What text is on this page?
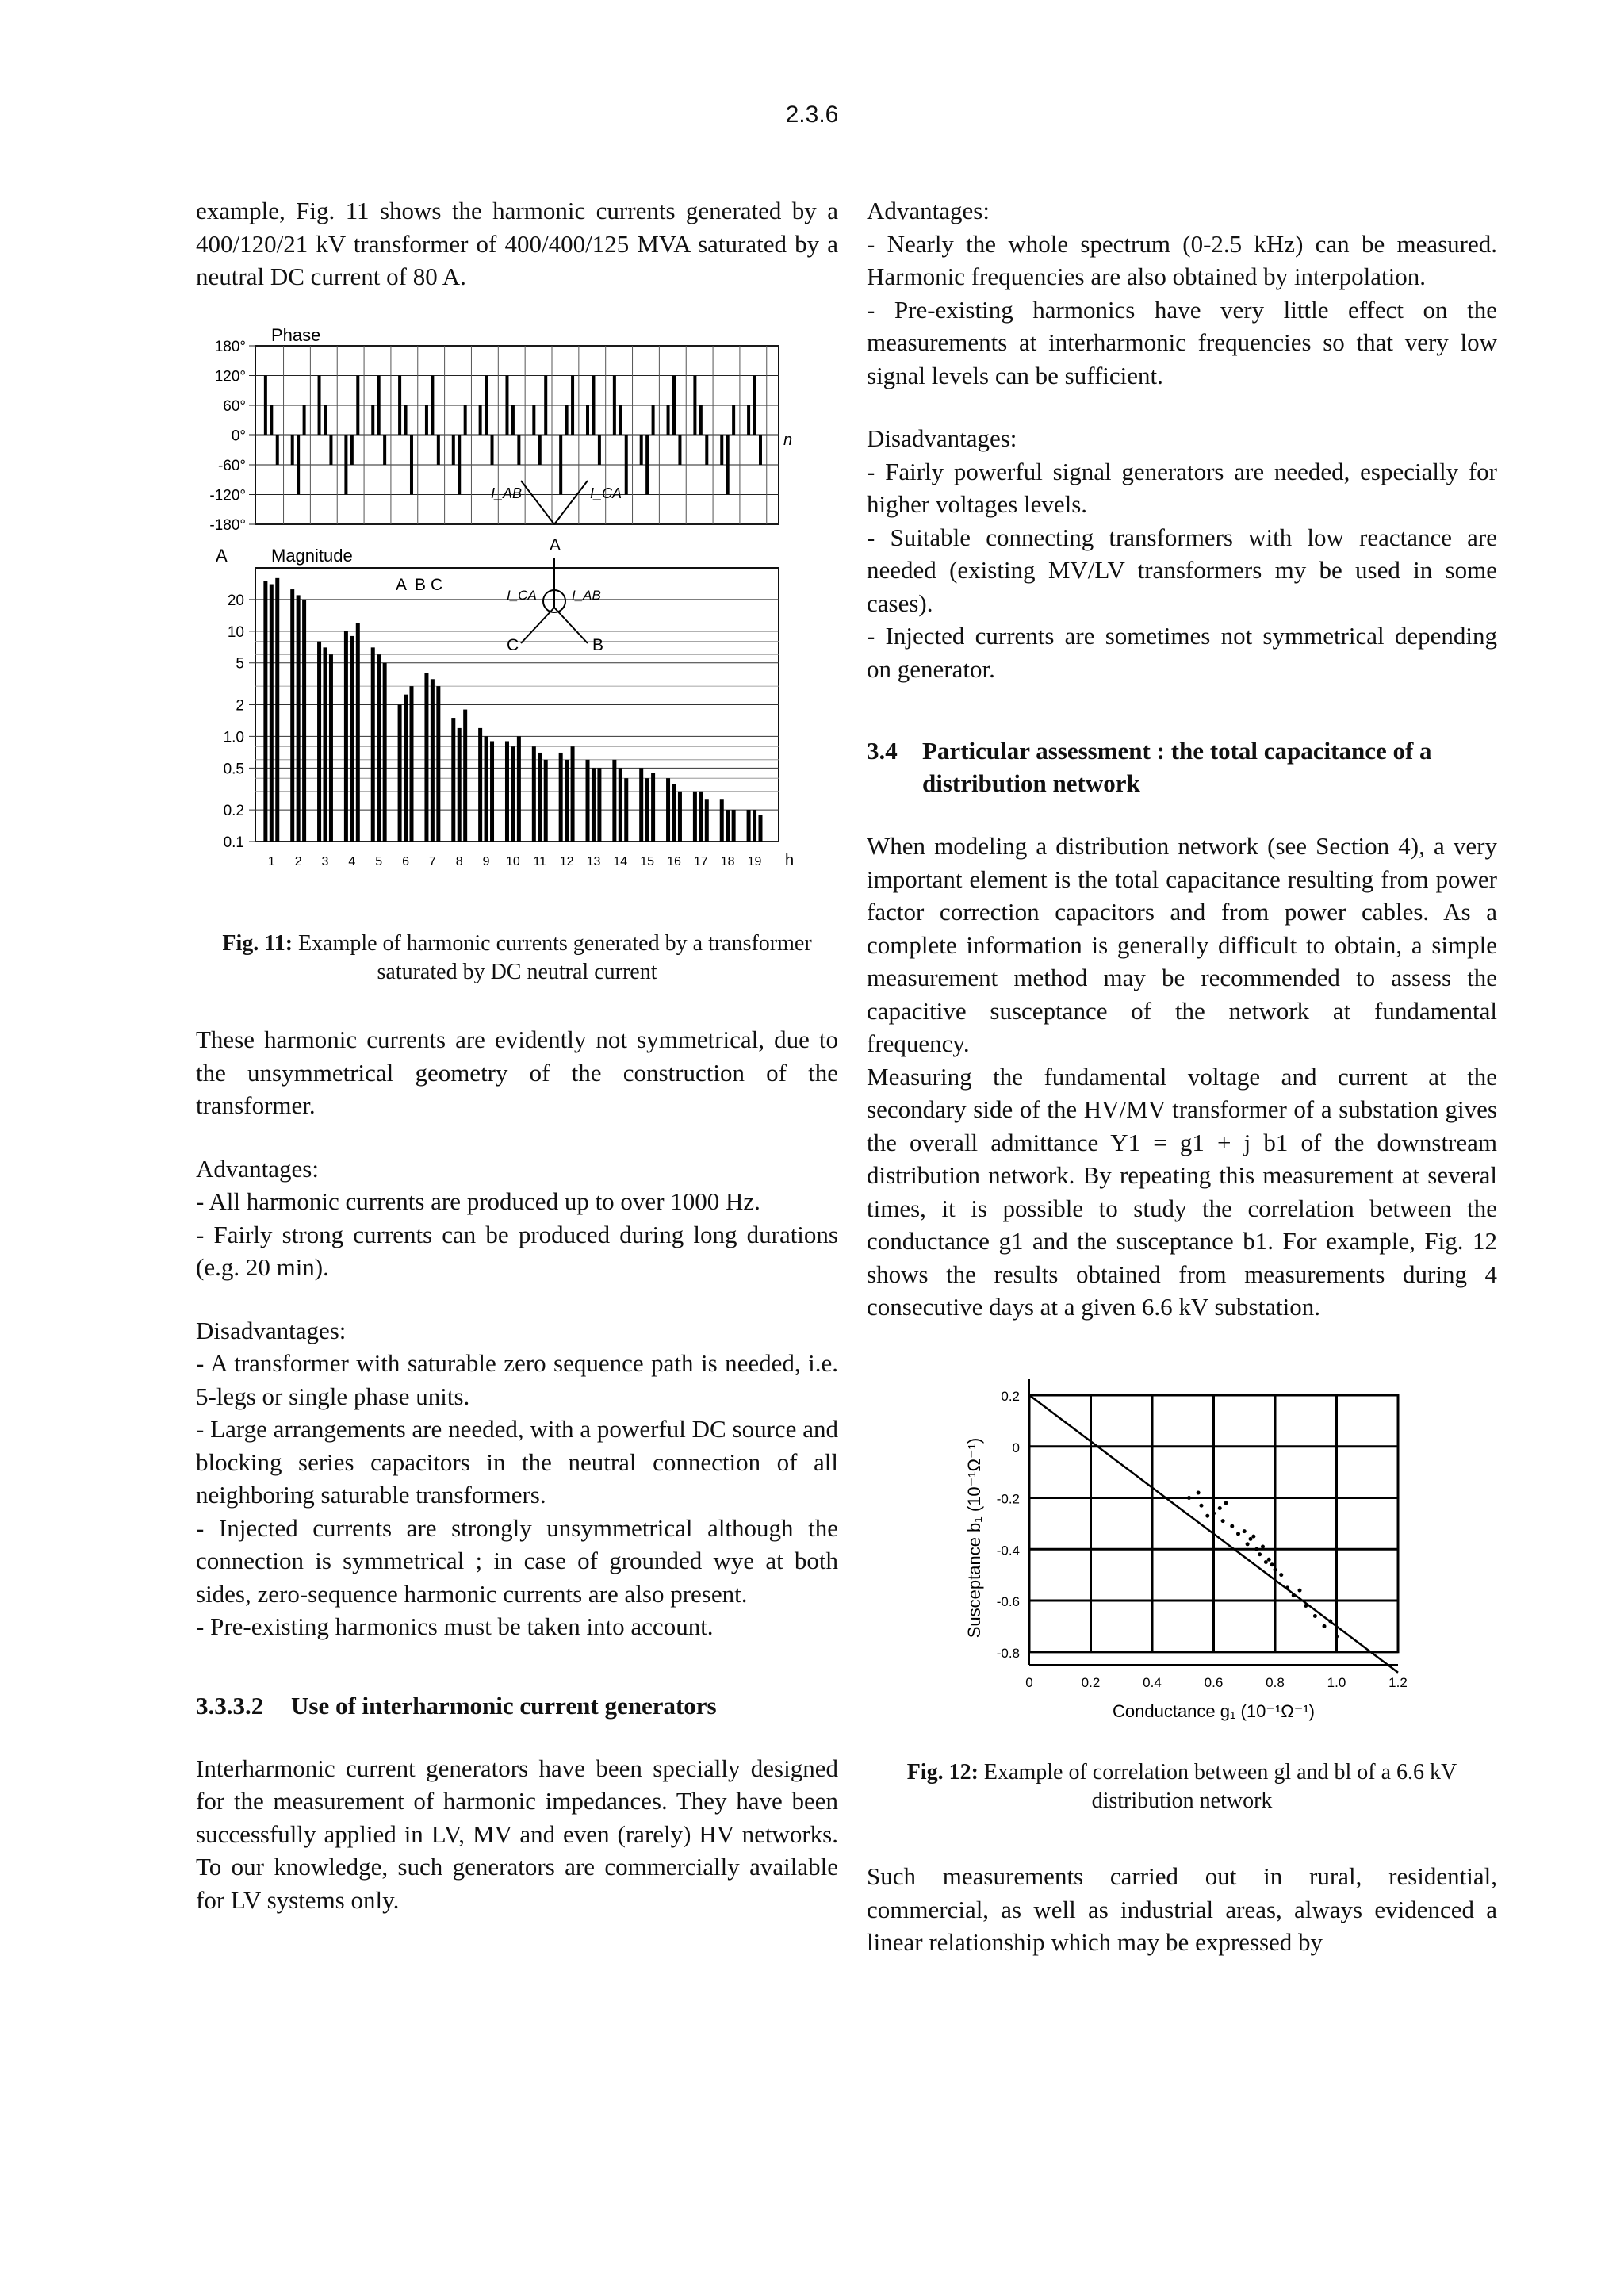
2.3.6

example, Fig. 11 shows the harmonic currents generated by a 400/120/21 kV transformer of 400/400/125 MVA saturated by a neutral DC current of 80 A.

180°
120°
60°
0°
-60°
-120°
-180°
Phase
n
I_AB	I_CA
20
10
5
2
1.0
0.5
0.2
0.1
A	Magnitude
A B C
A
C	B
I_CA	I_AB
1 2 3 4 5 6 7 8 9 10 11 12 13 14 15 16 17 18 19 h
Fig. 11: Example of harmonic currents generated by a transformer saturated by DC neutral current

These harmonic currents are evidently not symmetrical, due to the unsymmetrical geometry of the construction of the transformer.

Advantages:

- All harmonic currents are produced up to over 1000 Hz.

- Fairly strong currents can be produced during long durations (e.g. 20 min).

Disadvantages:

- A transformer with saturable zero sequence path is needed, i.e. 5-legs or single phase units.

- Large arrangements are needed, with a powerful DC source and blocking series capacitors in the neutral connection of all neighboring saturable transformers.

- Injected currents are strongly unsymmetrical although the connection is symmetrical ; in case of grounded wye at both sides, zero-sequence harmonic currents are also present.

- Pre-existing harmonics must be taken into account.

3.3.3.2	Use of interharmonic current generators

Interharmonic current generators have been specially designed for the measurement of harmonic impedances. They have been successfully applied in LV, MV and even (rarely) HV networks. To our knowledge, such generators are commercially available for LV systems only.

Advantages:

- Nearly the whole spectrum (0-2.5 kHz) can be measured. Harmonic frequencies are also obtained by interpolation.

- Pre-existing harmonics have very little effect on the measurements at interharmonic frequencies so that very low signal levels can be sufficient.

Disadvantages:

- Fairly powerful signal generators are needed, especially for higher voltages levels.

- Suitable connecting transformers with low reactance are needed (existing MV/LV transformers my be used in some cases).

- Injected currents are sometimes not symmetrical depending on generator.

3.4	Particular assessment : the total capacitance of a distribution network

When modeling a distribution network (see Section 4), a very important element is the total capacitance resulting from power factor correction capacitors and from power cables. As a complete information is generally difficult to obtain, a simple measurement method may be recommended to assess the capacitive susceptance of the network at fundamental frequency.

Measuring the fundamental voltage and current at the secondary side of the HV/MV transformer of a substation gives the overall admittance Y1 = g1 + j b1 of the downstream distribution network. By repeating this measurement at several times, it is possible to study the correlation between the conductance g1 and the susceptance b1. For example, Fig. 12 shows the results obtained from measurements during 4 consecutive days at a given 6.6 kV substation.

0.2
0
-0.2
-0.4
-0.6
-0.8
0	0.2	0.4	0.6	0.8	1.0	1.2
Conductance g₁ (10⁻¹Ω⁻¹)
Susceptance b₁ (10⁻¹Ω⁻¹)
Fig. 12: Example of correlation between gl and bl of a 6.6 kV distribution network

Such measurements carried out in rural, residential, commercial, as well as industrial areas, always evidenced a linear relationship which may be expressed by
